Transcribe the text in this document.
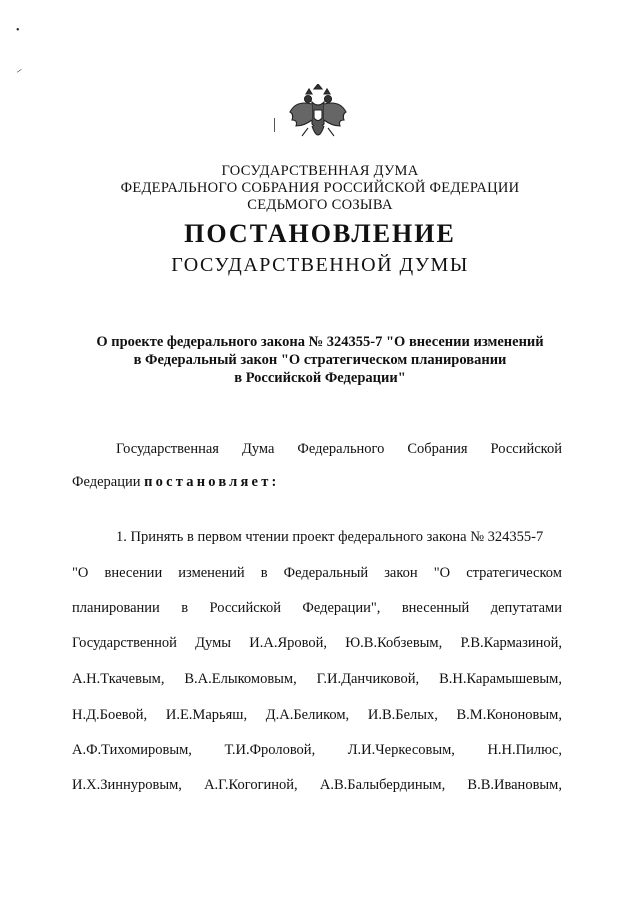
•
–
ГОСУДАРСТВЕННАЯ ДУМА
ФЕДЕРАЛЬНОГО СОБРАНИЯ РОССИЙСКОЙ ФЕДЕРАЦИИ
СЕДЬМОГО СОЗЫВА
ПОСТАНОВЛЕНИЕ
ГОСУДАРСТВЕННОЙ ДУМЫ
О проекте федерального закона № 324355-7 "О внесении изменений
в Федеральный закон "О стратегическом планировании
в Российской Федерации"
Государственная Дума Федерального Собрания Российской
Федерации постановляет:
1. Принять в первом чтении проект федерального закона № 324355-7
"О внесении изменений в Федеральный закон "О стратегическом
планировании в Российской Федерации", внесенный депутатами
Государственной Думы И.А.Яровой, Ю.В.Кобзевым, Р.В.Кармазиной,
А.Н.Ткачевым, В.А.Елыкомовым, Г.И.Данчиковой, В.Н.Карамышевым,
Н.Д.Боевой, И.Е.Марьяш, Д.А.Беликом, И.В.Белых, В.М.Кононовым,
А.Ф.Тихомировым, Т.И.Фроловой, Л.И.Черкесовым, Н.Н.Пилюс,
И.Х.Зиннуровым, А.Г.Когогиной, А.В.Балыбердиным, В.В.Ивановым,
